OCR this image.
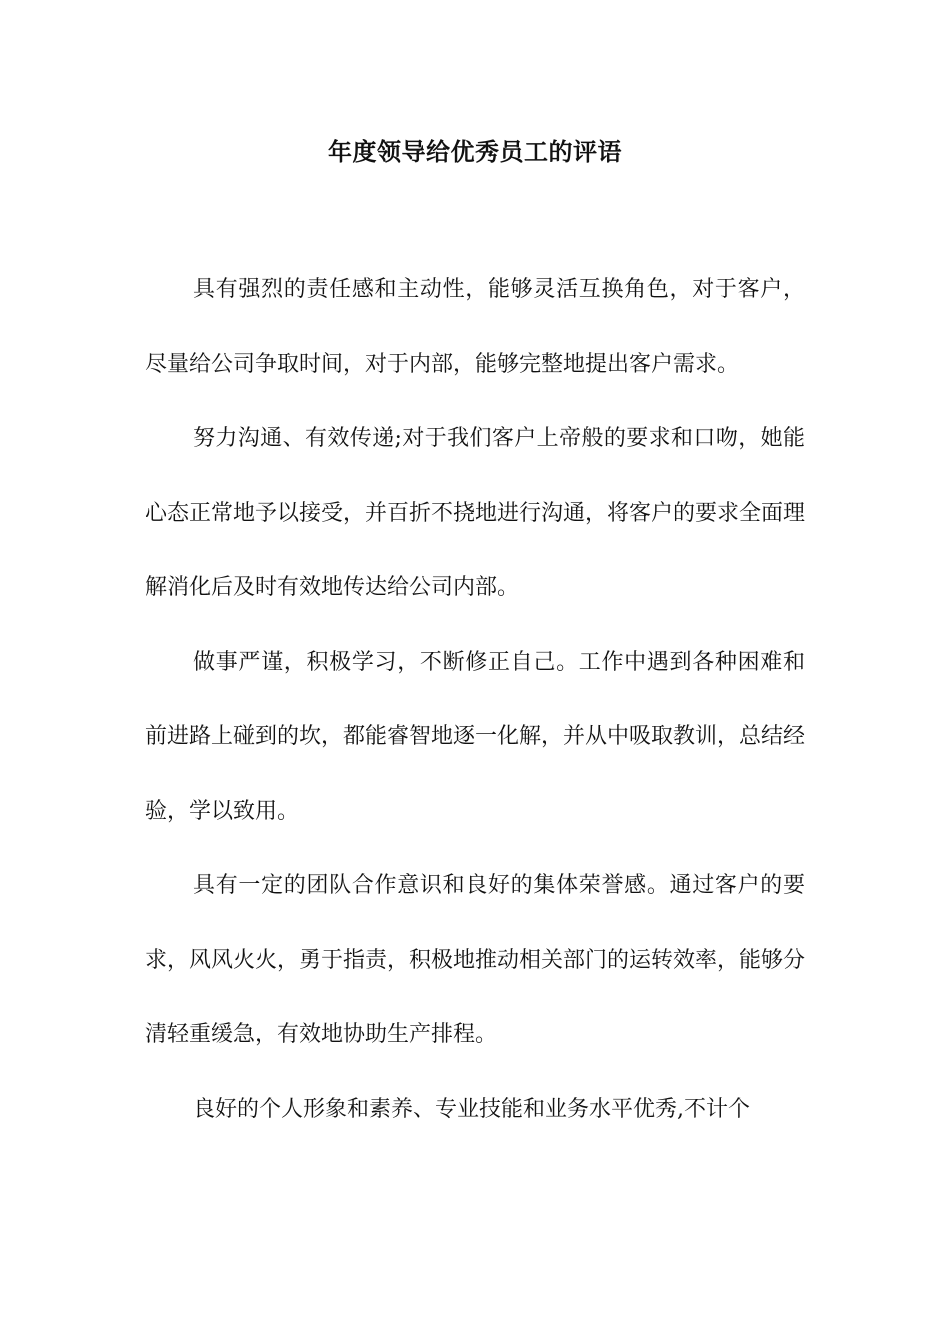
年度领导给优秀员工的评语

具有强烈的责任感和主动性，能够灵活互换角色，对于客户，尽量给公司争取时间，对于内部，能够完整地提出客户需求。

努力沟通、有效传递;对于我们客户上帝般的要求和口吻，她能心态正常地予以接受，并百折不挠地进行沟通，将客户的要求全面理解消化后及时有效地传达给公司内部。

做事严谨，积极学习，不断修正自己。工作中遇到各种困难和前进路上碰到的坎，都能睿智地逐一化解，并从中吸取教训，总结经验，学以致用。

具有一定的团队合作意识和良好的集体荣誉感。通过客户的要求，风风火火，勇于指责，积极地推动相关部门的运转效率，能够分清轻重缓急，有效地协助生产排程。

良好的个人形象和素养、专业技能和业务水平优秀,不计个
